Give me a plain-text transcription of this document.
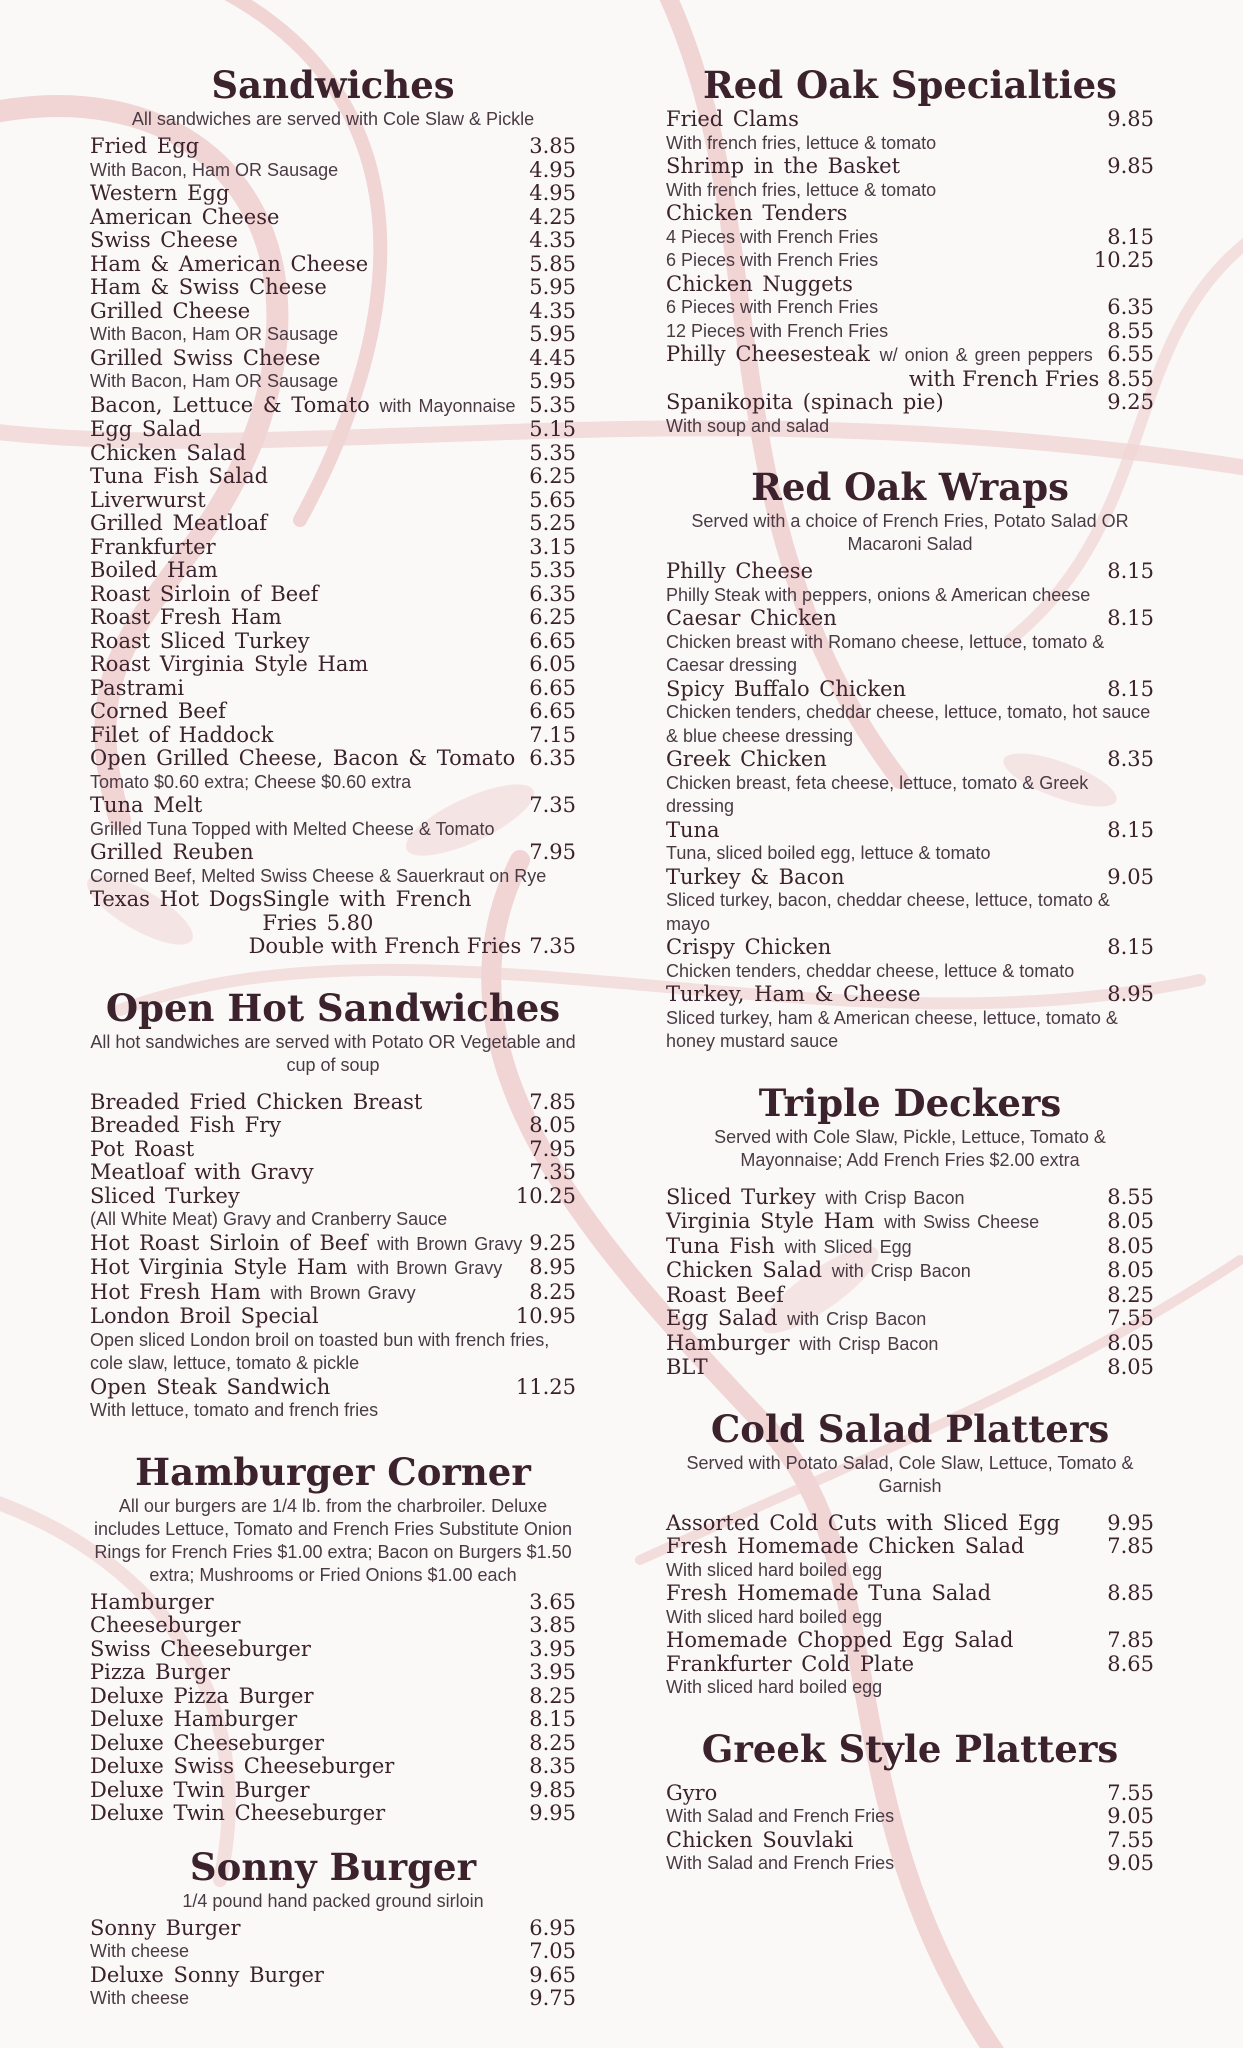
Sandwiches
All sandwiches are served with Cole Slaw & Pickle
Fried Egg	3.85
With Bacon, Ham OR Sausage	4.95
Western Egg	4.95
American Cheese	4.25
Swiss Cheese	4.35
Ham & American Cheese	5.85
Ham & Swiss Cheese	5.95
Grilled Cheese	4.35
With Bacon, Ham OR Sausage	5.95
Grilled Swiss Cheese	4.45
With Bacon, Ham OR Sausage	5.95
Bacon, Lettuce & Tomato with Mayonnaise 5.35
Egg Salad	5.15
Chicken Salad	5.35
Tuna Fish Salad	6.25
Liverwurst	5.65
Grilled Meatloaf	5.25
Frankfurter	3.15
Boiled Ham	5.35
Roast Sirloin of Beef	6.35
Roast Fresh Ham	6.25
Roast Sliced Turkey	6.65
Roast Virginia Style Ham	6.05
Pastrami	6.65
Corned Beef	6.65
Filet of Haddock	7.15
Open Grilled Cheese, Bacon & Tomato 6.35
Tomato $0.60 extra; Cheese $0.60 extra
Tuna Melt	7.35
Grilled Tuna Topped with Melted Cheese & Tomato
Grilled Reuben	7.95
Corned Beef, Melted Swiss Cheese & Sauerkraut on Rye
Texas Hot Dogs Single with French Fries 5.80
Double with French Fries 7.35
Open Hot Sandwiches
All hot sandwiches are served with Potato OR Vegetable and cup of soup
Breaded Fried Chicken Breast	7.85
Breaded Fish Fry	8.05
Pot Roast	7.95
Meatloaf with Gravy	7.35
Sliced Turkey	10.25
(All White Meat) Gravy and Cranberry Sauce
Hot Roast Sirloin of Beef with Brown Gravy 9.25
Hot Virginia Style Ham with Brown Gravy 8.95
Hot Fresh Ham with Brown Gravy	8.25
London Broil Special	10.95
Open sliced London broil on toasted bun with french fries, cole slaw, lettuce, tomato & pickle
Open Steak Sandwich	11.25
With lettuce, tomato and french fries
Hamburger Corner
All our burgers are 1/4 lb. from the charbroiler. Deluxe includes Lettuce, Tomato and French Fries Substitute Onion Rings for French Fries $1.00 extra; Bacon on Burgers $1.50 extra; Mushrooms or Fried Onions $1.00 each
Hamburger	3.65
Cheeseburger	3.85
Swiss Cheeseburger	3.95
Pizza Burger	3.95
Deluxe Pizza Burger	8.25
Deluxe Hamburger	8.15
Deluxe Cheeseburger	8.25
Deluxe Swiss Cheeseburger	8.35
Deluxe Twin Burger	9.85
Deluxe Twin Cheeseburger	9.95
Sonny Burger
1/4 pound hand packed ground sirloin
Sonny Burger	6.95
With cheese	7.05
Deluxe Sonny Burger	9.65
With cheese	9.75
Red Oak Specialties
Fried Clams	9.85
With french fries, lettuce & tomato
Shrimp in the Basket	9.85
With french fries, lettuce & tomato
Chicken Tenders
4 Pieces with French Fries	8.15
6 Pieces with French Fries	10.25
Chicken Nuggets
6 Pieces with French Fries	6.35
12 Pieces with French Fries	8.55
Philly Cheesesteak w/ onion & green peppers 6.55
with French Fries 8.55
Spanikopita (spinach pie)	9.25
With soup and salad
Red Oak Wraps
Served with a choice of French Fries, Potato Salad OR Macaroni Salad
Philly Cheese	8.15
Philly Steak with peppers, onions & American cheese
Caesar Chicken	8.15
Chicken breast with Romano cheese, lettuce, tomato & Caesar dressing
Spicy Buffalo Chicken	8.15
Chicken tenders, cheddar cheese, lettuce, tomato, hot sauce & blue cheese dressing
Greek Chicken	8.35
Chicken breast, feta cheese, lettuce, tomato & Greek dressing
Tuna	8.15
Tuna, sliced boiled egg, lettuce & tomato
Turkey & Bacon	9.05
Sliced turkey, bacon, cheddar cheese, lettuce, tomato & mayo
Crispy Chicken	8.15
Chicken tenders, cheddar cheese, lettuce & tomato
Turkey, Ham & Cheese	8.95
Sliced turkey, ham & American cheese, lettuce, tomato & honey mustard sauce
Triple Deckers
Served with Cole Slaw, Pickle, Lettuce, Tomato & Mayonnaise; Add French Fries $2.00 extra
Sliced Turkey with Crisp Bacon	8.55
Virginia Style Ham with Swiss Cheese	8.05
Tuna Fish with Sliced Egg	8.05
Chicken Salad with Crisp Bacon	8.05
Roast Beef	8.25
Egg Salad with Crisp Bacon	7.55
Hamburger with Crisp Bacon	8.05
BLT	8.05
Cold Salad Platters
Served with Potato Salad, Cole Slaw, Lettuce, Tomato & Garnish
Assorted Cold Cuts with Sliced Egg 9.95
Fresh Homemade Chicken Salad	7.85
With sliced hard boiled egg
Fresh Homemade Tuna Salad	8.85
With sliced hard boiled egg
Homemade Chopped Egg Salad	7.85
Frankfurter Cold Plate	8.65
With sliced hard boiled egg
Greek Style Platters
Gyro	7.55
With Salad and French Fries	9.05
Chicken Souvlaki	7.55
With Salad and French Fries	9.05
